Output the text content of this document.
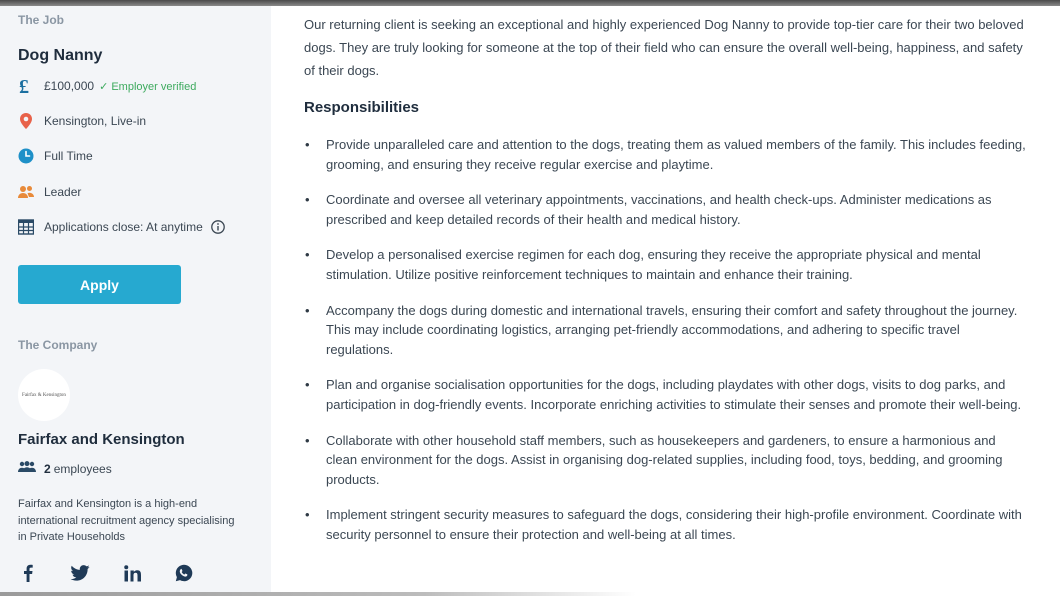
The Job
Dog Nanny
£ £100,000 ✓ Employer verified
Kensington, Live-in
Full Time
Leader
Applications close: At anytime
Apply
The Company
Fairfax & Kensington
Fairfax and Kensington
2 employees

Fairfax and Kensington is a high-end international recruitment agency specialising in Private Households

Our returning client is seeking an exceptional and highly experienced Dog Nanny to provide top-tier care for their two beloved dogs. They are truly looking for someone at the top of their field who can ensure the overall well-being, happiness, and safety of their dogs.

Responsibilities
• Provide unparalleled care and attention to the dogs, treating them as valued members of the family. This includes feeding, grooming, and ensuring they receive regular exercise and playtime.
• Coordinate and oversee all veterinary appointments, vaccinations, and health check-ups. Administer medications as prescribed and keep detailed records of their health and medical history.
• Develop a personalised exercise regimen for each dog, ensuring they receive the appropriate physical and mental stimulation. Utilize positive reinforcement techniques to maintain and enhance their training.
• Accompany the dogs during domestic and international travels, ensuring their comfort and safety throughout the journey. This may include coordinating logistics, arranging pet-friendly accommodations, and adhering to specific travel regulations.
• Plan and organise socialisation opportunities for the dogs, including playdates with other dogs, visits to dog parks, and participation in dog-friendly events. Incorporate enriching activities to stimulate their senses and promote their well-being.
• Collaborate with other household staff members, such as housekeepers and gardeners, to ensure a harmonious and clean environment for the dogs. Assist in organising dog-related supplies, including food, toys, bedding, and grooming products.
• Implement stringent security measures to safeguard the dogs, considering their high-profile environment. Coordinate with security personnel to ensure their protection and well-being at all times.
